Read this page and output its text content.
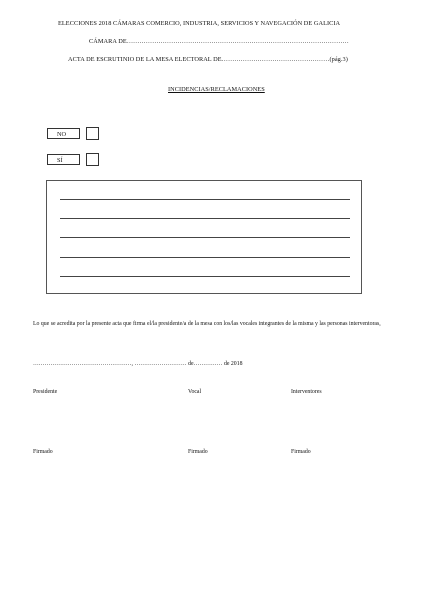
ELECCIONES 2018 CÁMARAS COMERCIO, INDUSTRIA, SERVICIOS Y NAVEGACIÓN DE GALICIA
CÁMARA DE……………………………………………………………………………………………
ACTA DE ESCRUTINIO DE LA MESA ELECTORAL DE……………………………………………(pág.3)
INCIDENCIAS/RECLAMACIONES
NO
SÍ
Lo que se acredita por la presente acta que firma el/la presidente/a de la mesa con los/las vocales integrantes de la misma y las personas interventoras,
……………………………………………, ……………………… de…………… de 2018
Presidente	Vocal	Interventores
Firmado	Firmado	Firmado
